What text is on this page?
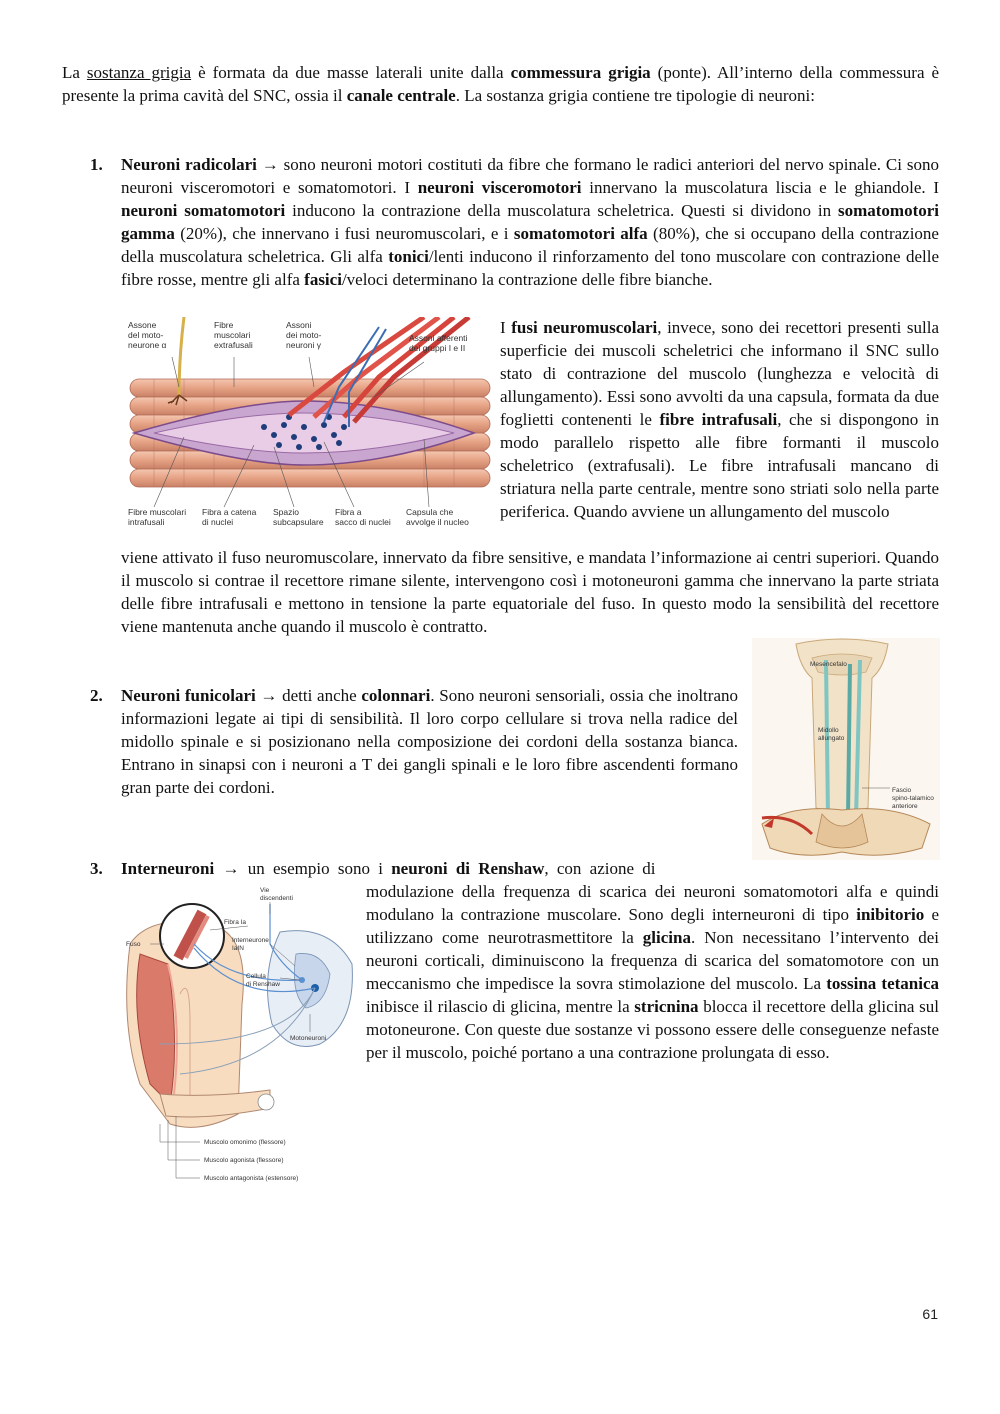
La sostanza grigia è formata da due masse laterali unite dalla commessura grigia (ponte). All’interno della commessura è presente la prima cavità del SNC, ossia il canale centrale. La sostanza grigia contiene tre tipologie di neuroni:
1. Neuroni radicolari → sono neuroni motori costituti da fibre che formano le radici anteriori del nervo spinale. Ci sono neuroni visceromotori e somatomotori. I neuroni visceromotori innervano la muscolatura liscia e le ghiandole. I neuroni somatomotori inducono la contrazione della muscolatura scheletrica. Questi si dividono in somatomotori gamma (20%), che innervano i fusi neuromuscolari, e i somatomotori alfa (80%), che si occupano della contrazione della muscolatura scheletrica. Gli alfa tonici/lenti inducono il rinforzamento del tono muscolare con contrazione delle fibre rosse, mentre gli alfa fasici/veloci determinano la contrazione delle fibre bianche.
Assone del moto-neurone α
Fibre muscolari extrafusali
Assoni dei moto-neuroni γ
Assoni afferenti dei gruppi I e II
Fibre muscolari intrafusali
Fibra a catena di nuclei
Spazio subcapsulare
Fibra a sacco di nuclei
Capsula che avvolge il nucleo
I fusi neuromuscolari, invece, sono dei recettori presenti sulla superficie dei muscoli scheletrici che informano il SNC sullo stato di contrazione del muscolo (lunghezza e velocità di allungamento). Essi sono avvolti da una capsula, formata da due foglietti contenenti le fibre intrafusali, che si dispongono in modo parallelo rispetto alle fibre formanti il muscolo scheletrico (extrafusali). Le fibre intrafusali mancano di striatura nella parte centrale, mentre sono striati solo nella parte periferica. Quando avviene un allungamento del muscolo
viene attivato il fuso neuromuscolare, innervato da fibre sensitive, e mandata l’informazione ai centri superiori. Quando il muscolo si contrae il recettore rimane silente, intervengono così i motoneuroni gamma che innervano la parte striata delle fibre intrafusali e mettono in tensione la parte equatoriale del fuso. In questo modo la sensibilità del recettore viene mantenuta anche quando il muscolo è contratto.
2. Neuroni funicolari → detti anche colonnari. Sono neuroni sensoriali, ossia che inoltrano informazioni legate ai tipi di sensibilità. Il loro corpo cellulare si trova nella radice del midollo spinale e si posizionano nella composizione dei cordoni della sostanza bianca. Entrano in sinapsi con i neuroni a T dei gangli spinali e le loro fibre ascendenti formano gran parte dei cordoni.
Mesencefalo
Midollo allungato
Fascio spino-talamico anteriore
3. Interneuroni → un esempio sono i neuroni di Renshaw, con azione di
modulazione della frequenza di scarica dei neuroni somatomotori alfa e quindi modulano la contrazione muscolare. Sono degli interneuroni di tipo inibitorio e utilizzano come neurotrasmettitore la glicina. Non necessitano l’intervento dei neuroni corticali, diminuiscono la frequenza di scarica del somatomotore con un meccanismo che impedisce la sovra stimolazione del muscolo. La tossina tetanica inibisce il rilascio di glicina, mentre la stricnina blocca il recettore della glicina sul motoneurone. Con queste due sostanze vi possono essere delle conseguenze nefaste per il muscolo, poiché portano a una contrazione prolungata di esso.
Vie discendenti
Fibra Ia
Fuso
Interneurone IaIN
Cellula di Renshaw
Motoneuroni
Muscolo omonimo (flessore)
Muscolo agonista (flessore)
Muscolo antagonista (estensore)
61
